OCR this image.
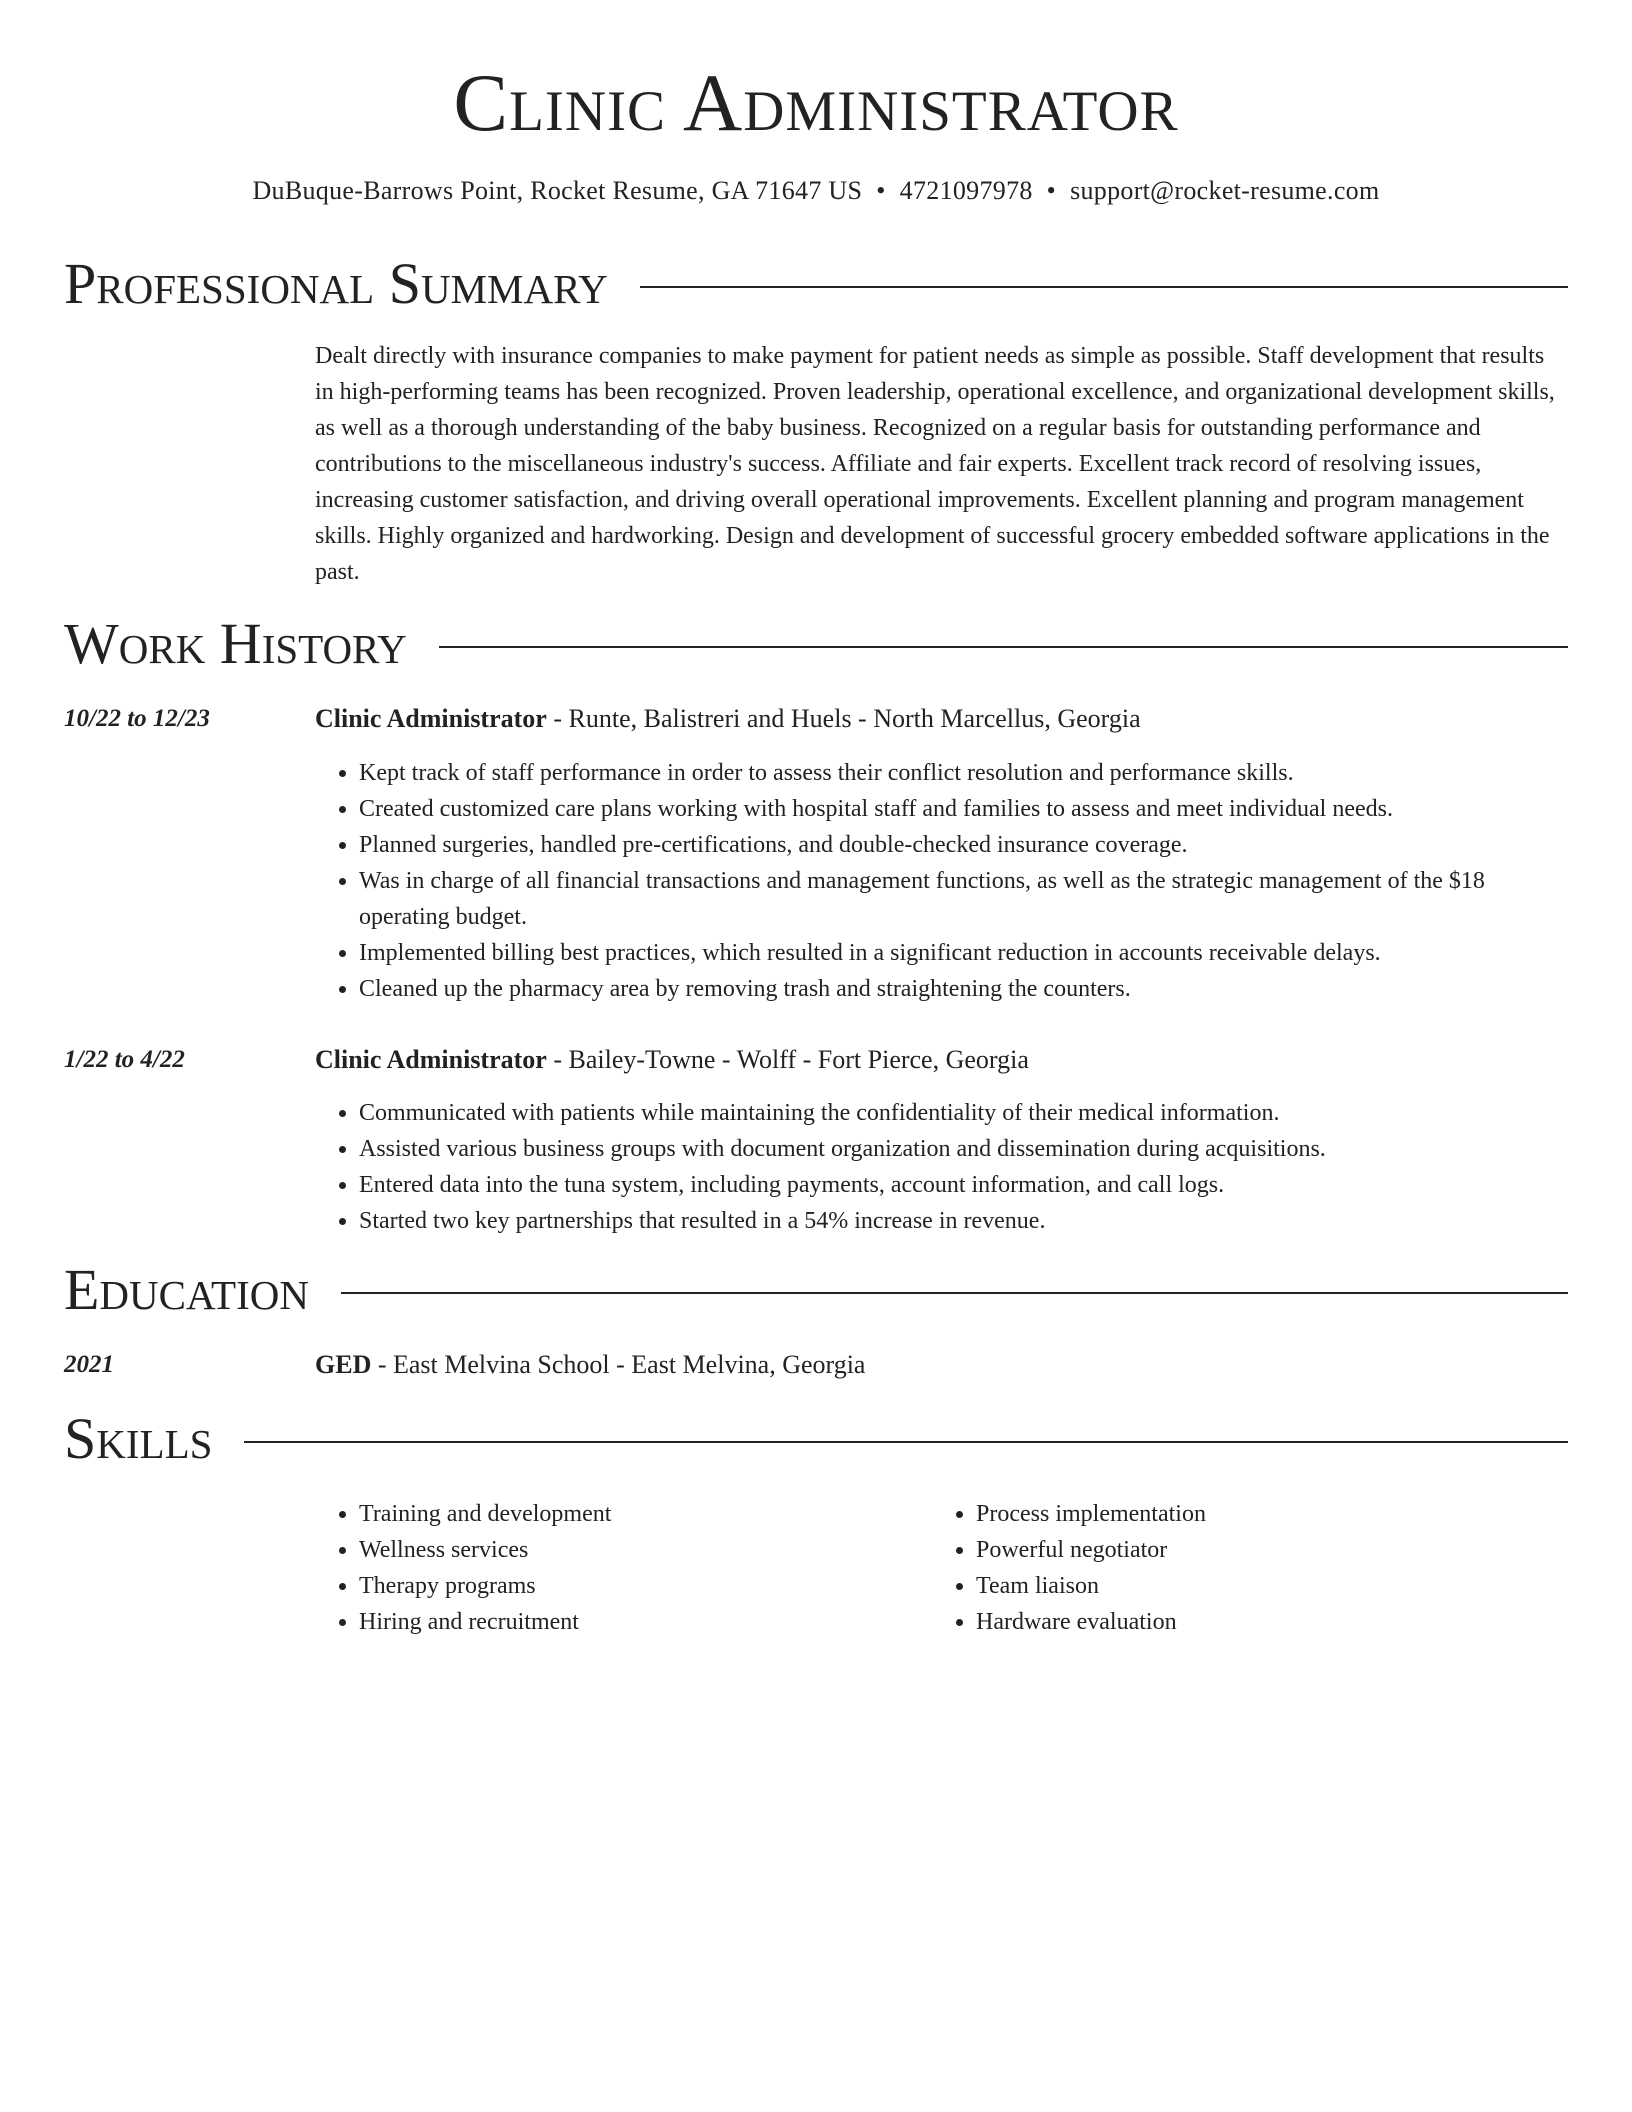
Clinic Administrator
DuBuque-Barrows Point, Rocket Resume, GA 71647 US • 4721097978 • support@rocket-resume.com
Professional Summary
Dealt directly with insurance companies to make payment for patient needs as simple as possible. Staff development that results in high-performing teams has been recognized. Proven leadership, operational excellence, and organizational development skills, as well as a thorough understanding of the baby business. Recognized on a regular basis for outstanding performance and contributions to the miscellaneous industry's success. Affiliate and fair experts. Excellent track record of resolving issues, increasing customer satisfaction, and driving overall operational improvements. Excellent planning and program management skills. Highly organized and hardworking. Design and development of successful grocery embedded software applications in the past.
Work History
10/22 to 12/23	Clinic Administrator - Runte, Balistreri and Huels - North Marcellus, Georgia
• Kept track of staff performance in order to assess their conflict resolution and performance skills.
• Created customized care plans working with hospital staff and families to assess and meet individual needs.
• Planned surgeries, handled pre-certifications, and double-checked insurance coverage.
• Was in charge of all financial transactions and management functions, as well as the strategic management of the $18 operating budget.
• Implemented billing best practices, which resulted in a significant reduction in accounts receivable delays.
• Cleaned up the pharmacy area by removing trash and straightening the counters.
1/22 to 4/22	Clinic Administrator - Bailey-Towne - Wolff - Fort Pierce, Georgia
• Communicated with patients while maintaining the confidentiality of their medical information.
• Assisted various business groups with document organization and dissemination during acquisitions.
• Entered data into the tuna system, including payments, account information, and call logs.
• Started two key partnerships that resulted in a 54% increase in revenue.
Education
2021	GED - East Melvina School - East Melvina, Georgia
Skills
• Training and development
• Wellness services
• Therapy programs
• Hiring and recruitment
• Process implementation
• Powerful negotiator
• Team liaison
• Hardware evaluation
